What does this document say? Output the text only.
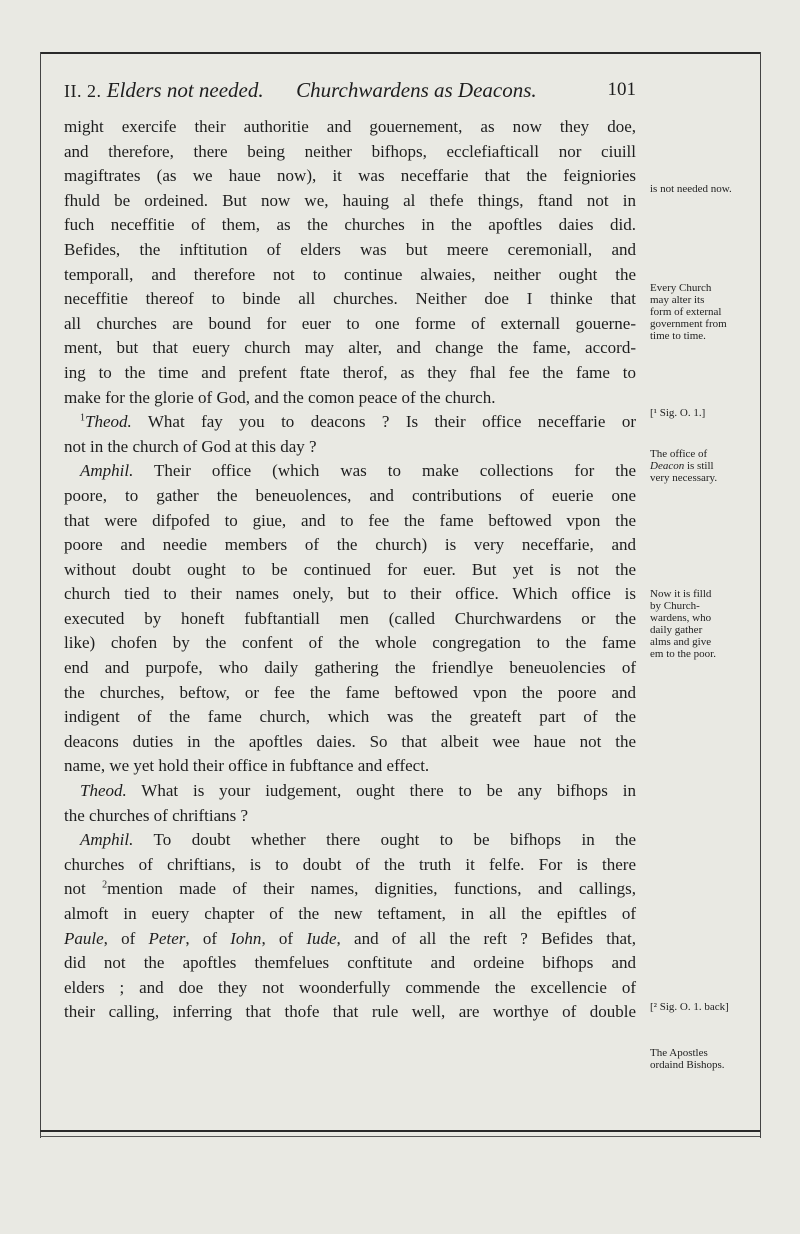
II. 2. Elders not needed. Churchwardens as Deacons.	101
might exercife their authoritie and gouernement, as now they doe,
and therefore, there being neither bifhops, ecclefiafticall nor ciuill
magiftrates (as we haue now), it was neceffarie that the feigniories
fhuld be ordeined. But now we, hauing al thefe things, ftand not in
fuch neceffitie of them, as the churches in the apoftles daies did.
Befides, the inftitution of elders was but meere ceremoniall, and
temporall, and therefore not to continue alwaies, neither ought the
neceffitie thereof to binde all churches. Neither doe I thinke that
all churches are bound for euer to one forme of externall gouerne-
ment, but that euery church may alter, and change the fame, accord-
ing to the time and prefent ftate therof, as they fhal fee the fame to
make for the glorie of God, and the comon peace of the church.
$^1$Theod. What fay you to deacons ? Is their office neceffarie or
not in the church of God at this day ?
Amphil. Their office (which was to make collections for the
poore, to gather the beneuolences, and contributions of euerie one
that were difpofed to giue, and to fee the fame beftowed vpon the
poore and needie members of the church) is very neceffarie, and
without doubt ought to be continued for euer. But yet is not the
church tied to their names onely, but to their office. Which office is
executed by honeft fubftantiall men (called Churchwardens or the
like) chofen by the confent of the whole congregation to the fame
end and purpofe, who daily gathering the friendlye beneuolencies of
the churches, beftow, or fee the fame beftowed vpon the poore and
indigent of the fame church, which was the greateft part of the
deacons duties in the apoftles daies. So that albeit wee haue not the
name, we yet hold their office in fubftance and effect.
Theod. What is your iudgement, ought there to be any bifhops in
the churches of chriftians ?
Amphil. To doubt whether there ought to be bifhops in the
churches of chriftians, is to doubt of the truth it felfe. For is there
not $^2$mention made of their names, dignities, functions, and callings,
almoft in euery chapter of the new teftament, in all the epiftles of
Paule, of Peter, of Iohn, of Iude, and of all the reft ? Befides that,
did not the apoftles themfelues conftitute and ordeine bifhops and
elders ; and doe they not woonderfully commende the excellencie of
their calling, inferring that thofe that rule well, are worthye of double
is not needed now.
Every Church
may alter its
form of external
government from
time to time.
[¹ Sig. O. 1.]
The office of
Deacon is still
very necessary.
Now it is filld
by Church-
wardens, who
daily gather
alms and give
em to the poor.
[² Sig. O. 1. back]
The Apostles
ordaind Bishops.
